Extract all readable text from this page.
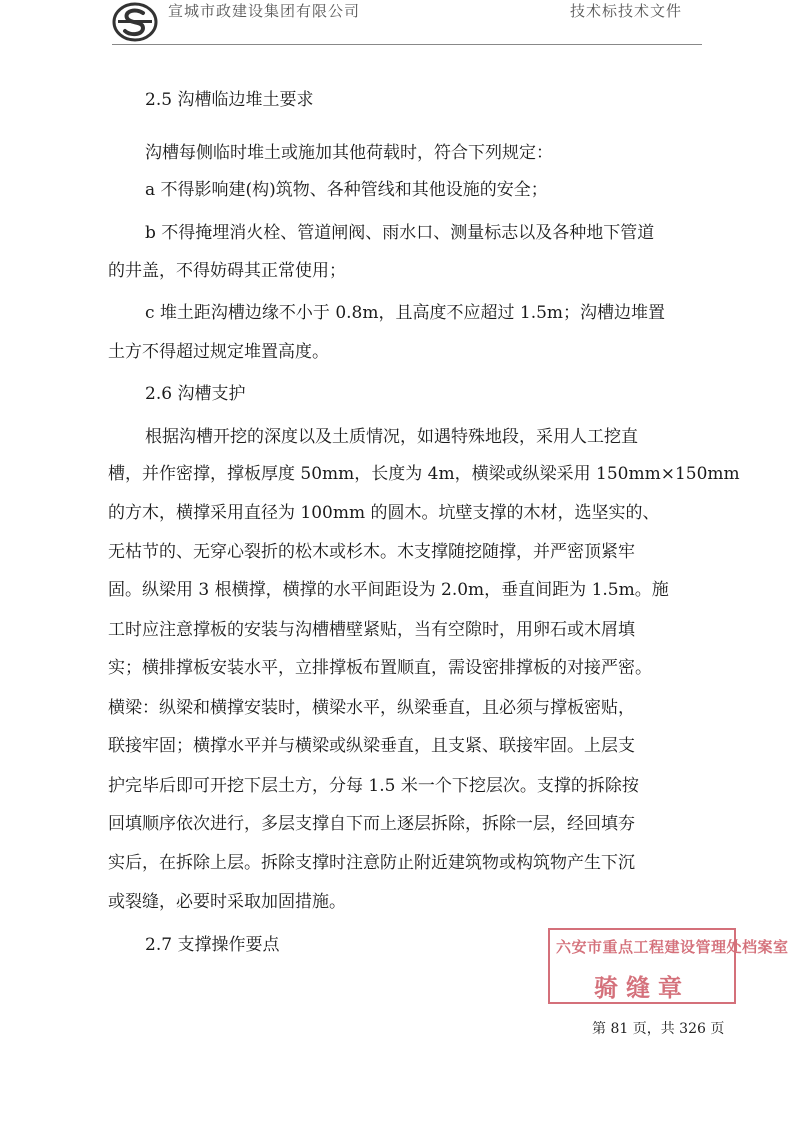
宣城市政建设集团有限公司	技术标技术文件
2.5 沟槽临边堆土要求
沟槽每侧临时堆土或施加其他荷载时，符合下列规定：
a 不得影响建(构)筑物、各种管线和其他设施的安全；
b 不得掩埋消火栓、管道闸阀、雨水口、测量标志以及各种地下管道
的井盖，不得妨碍其正常使用；
c 堆土距沟槽边缘不小于 0.8m，且高度不应超过 1.5m；沟槽边堆置
土方不得超过规定堆置高度。
2.6 沟槽支护
根据沟槽开挖的深度以及土质情况，如遇特殊地段，采用人工挖直
槽，并作密撑，撑板厚度 50mm，长度为 4m，横梁或纵梁采用 150mm×150mm
的方木，横撑采用直径为 100mm 的圆木。坑壁支撑的木材，选坚实的、
无枯节的、无穿心裂折的松木或杉木。木支撑随挖随撑，并严密顶紧牢
固。纵梁用 3 根横撑，横撑的水平间距设为 2.0m，垂直间距为 1.5m。施
工时应注意撑板的安装与沟槽槽壁紧贴，当有空隙时，用卵石或木屑填
实；横排撑板安装水平，立排撑板布置顺直，需设密排撑板的对接严密。
横梁：纵梁和横撑安装时，横梁水平，纵梁垂直，且必须与撑板密贴，
联接牢固；横撑水平并与横梁或纵梁垂直，且支紧、联接牢固。上层支
护完毕后即可开挖下层土方，分每 1.5 米一个下挖层次。支撑的拆除按
回填顺序依次进行，多层支撑自下而上逐层拆除，拆除一层，经回填夯
实后，在拆除上层。拆除支撑时注意防止附近建筑物或构筑物产生下沉
或裂缝，必要时采取加固措施。
2.7 支撑操作要点	六安市重点工程建设管理处档案室
骑缝章
第 81 页，共 326 页
